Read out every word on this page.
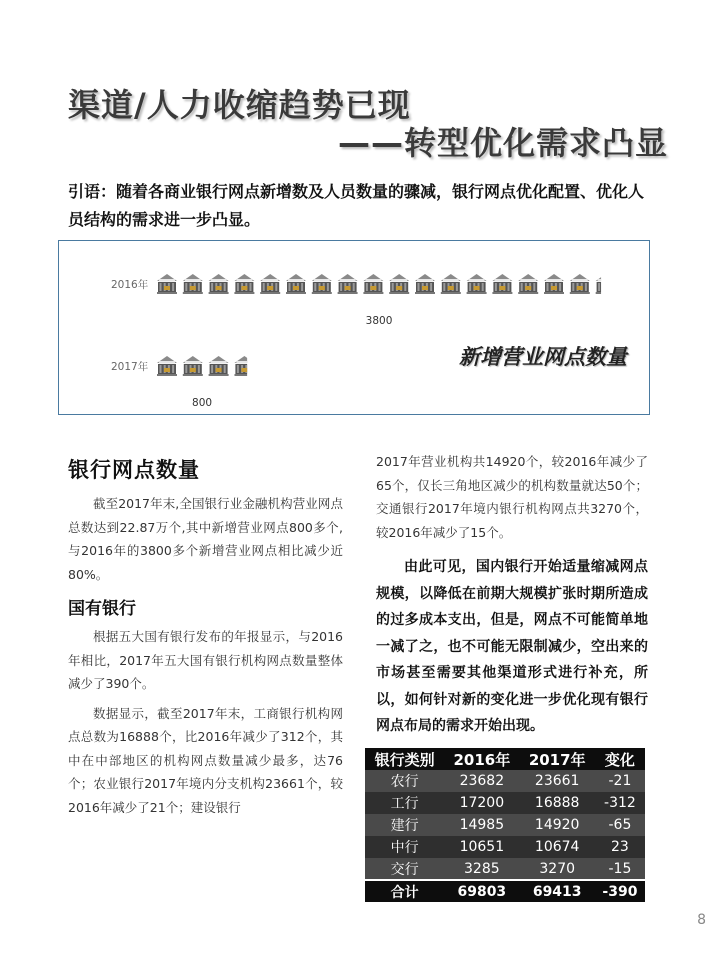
渠道/人力收缩趋势已现
——转型优化需求凸显
引语：随着各商业银行网点新增数及人员数量的骤减，银行网点优化配置、优化人员结构的需求进一步凸显。
2016年
3800
2017年
800
新增营业网点数量
银行网点数量

截至2017年末,全国银行业金融机构营业网点总数达到22.87万个,其中新增营业网点800多个,与2016年的3800多个新增营业网点相比减少近80%。

国有银行

根据五大国有银行发布的年报显示，与2016年相比，2017年五大国有银行机构网点数量整体减少了390个。

数据显示，截至2017年末，工商银行机构网点总数为16888个，比2016年减少了312个，其中在中部地区的机构网点数量减少最多，达76个；农业银行2017年境内分支机构23661个，较2016年减少了21个；建设银行

2017年营业机构共14920个，较2016年减少了65个，仅长三角地区减少的机构数量就达50个；交通银行2017年境内银行机构网点共3270个，较2016年减少了15个。

由此可见，国内银行开始适量缩减网点规模，以降低在前期大规模扩张时期所造成的过多成本支出，但是，网点不可能简单地一减了之，也不可能无限制减少，空出来的市场甚至需要其他渠道形式进行补充，所以，如何针对新的变化进一步优化现有银行网点布局的需求开始出现。

银行类别	2016年	2017年	变化
农行	23682	23661	-21
工行	17200	16888	-312
建行	14985	14920	-65
中行	10651	10674	23
交行	3285	3270	-15
合计	69803	69413	-390
8
